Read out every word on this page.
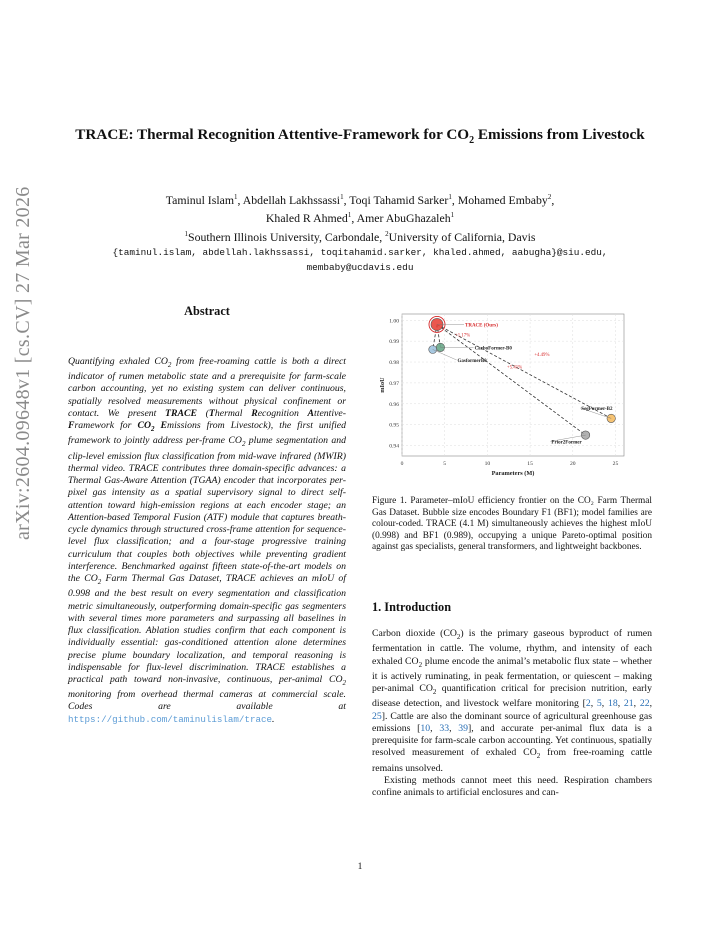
arXiv:2604.09648v1 [cs.CV] 27 Mar 2026
TRACE: Thermal Recognition Attentive-Framework for $CO_2$ Emissions from Livestock
Taminul Islam$^1$, Abdellah Lakhssassi$^1$, Toqi Tahamid Sarker$^1$, Mohamed Embaby$^2$,
Khaled R Ahmed$^1$, Amer AbuGhazaleh$^1$
$^1$Southern Illinois University, Carbondale, $^2$University of California, Davis
{taminul.islam, abdellah.lakhssassi, toqitahamid.sarker, khaled.ahmed, aabugha}@siu.edu,
membaby@ucdavis.edu
Abstract
Quantifying exhaled $CO_2$ from free-roaming cattle is both a direct indicator of rumen metabolic state and a prerequisite for farm-scale carbon accounting, yet no existing system can deliver continuous, spatially resolved measurements without physical confinement or contact. We present TRACE (Thermal Recognition Attentive-Framework for $CO_2$ Emissions from Livestock), the first unified framework to jointly address per-frame $CO_2$ plume segmentation and clip-level emission flux classification from mid-wave infrared (MWIR) thermal video. TRACE contributes three domain-specific advances: a Thermal Gas-Aware Attention (TGAA) encoder that incorporates per-pixel gas intensity as a spatial supervisory signal to direct self-attention toward high-emission regions at each encoder stage; an Attention-based Temporal Fusion (ATF) module that captures breath-cycle dynamics through structured cross-frame attention for sequence-level flux classification; and a four-stage progressive training curriculum that couples both objectives while preventing gradient interference. Benchmarked against fifteen state-of-the-art models on the $CO_2$ Farm Thermal Gas Dataset, TRACE achieves an mIoU of 0.998 and the best result on every segmentation and classification metric simultaneously, outperforming domain-specific gas segmenters with several times more parameters and surpassing all baselines in flux classification. Ablation studies confirm that each component is individually essential: gas-conditioned attention alone determines precise plume boundary localization, and temporal reasoning is indispensable for flux-level discrimination. TRACE establishes a practical path toward non-invasive, continuous, per-animal $CO_2$ monitoring from overhead thermal cameras at commercial scale. Codes are available at https://github.com/taminulislam/trace.
0	5	10	15	20	25
0.94
0.95
0.96
0.97
0.98
0.99
1.00
Parameters (M)
mIoU
+1.17%
+4.49%
+5.41%
TRACE (Ours)
CarboFormer-B0
GasformerB0
SegFormer-B2
Prior2Former
Figure 1. Parameter–mIoU efficiency frontier on the CO₂ Farm Thermal Gas Dataset. Bubble size encodes Boundary F1 (BF1); model families are colour-coded. TRACE (4.1 M) simultaneously achieves the highest mIoU (0.998) and BF1 (0.989), occupying a unique Pareto-optimal position against gas specialists, general transformers, and lightweight backbones.
1. Introduction

Carbon dioxide $(CO_2)$ is the primary gaseous byproduct of rumen fermentation in cattle. The volume, rhythm, and intensity of each exhaled $CO_2$ plume encode the animal’s metabolic flux state – whether it is actively ruminating, in peak fermentation, or quiescent – making per-animal $CO_2$ quantification critical for precision nutrition, early disease detection, and livestock welfare monitoring [2, 5, 18, 21, 22, 25]. Cattle are also the dominant source of agricultural greenhouse gas emissions [10, 33, 39], and accurate per-animal flux data is a prerequisite for farm-scale carbon accounting. Yet continuous, spatially resolved measurement of exhaled $CO_2$ from free-roaming cattle remains unsolved.

Existing methods cannot meet this need. Respiration chambers confine animals to artificial enclosures and can-

1
